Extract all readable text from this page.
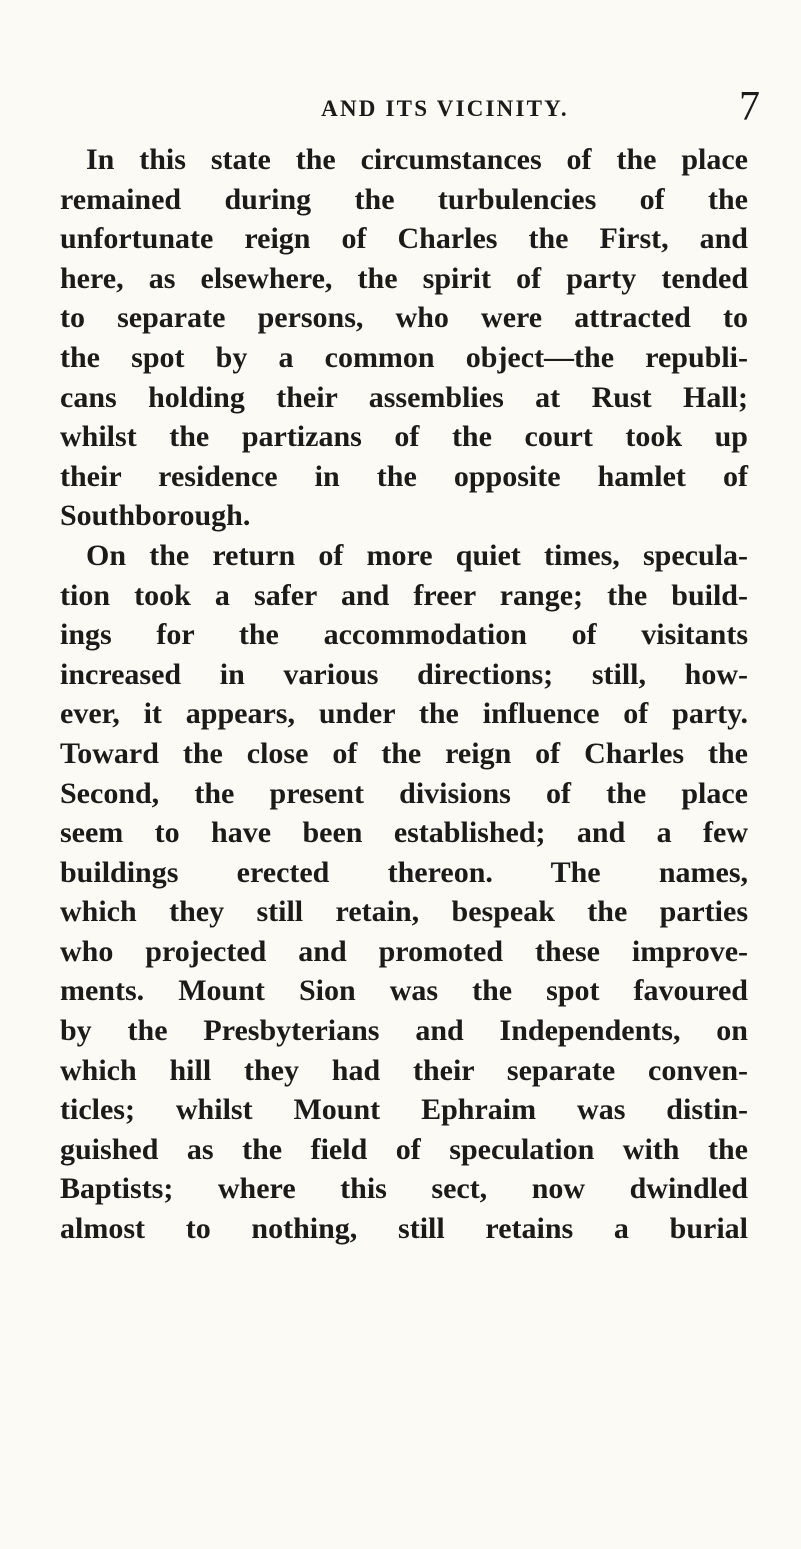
AND ITS VICINITY.	7
In this state the circumstances of the place
remained during the turbulencies of the
unfortunate reign of Charles the First, and
here, as elsewhere, the spirit of party tended
to separate persons, who were attracted to
the spot by a common object—the republi-
cans holding their assemblies at Rust Hall;
whilst the partizans of the court took up
their residence in the opposite hamlet of
Southborough.
On the return of more quiet times, specula-
tion took a safer and freer range; the build-
ings for the accommodation of visitants
increased in various directions; still, how-
ever, it appears, under the influence of party.
Toward the close of the reign of Charles the
Second, the present divisions of the place
seem to have been established; and a few
buildings erected thereon. The names,
which they still retain, bespeak the parties
who projected and promoted these improve-
ments. Mount Sion was the spot favoured
by the Presbyterians and Independents, on
which hill they had their separate conven-
ticles; whilst Mount Ephraim was distin-
guished as the field of speculation with the
Baptists; where this sect, now dwindled
almost to nothing, still retains a burial
